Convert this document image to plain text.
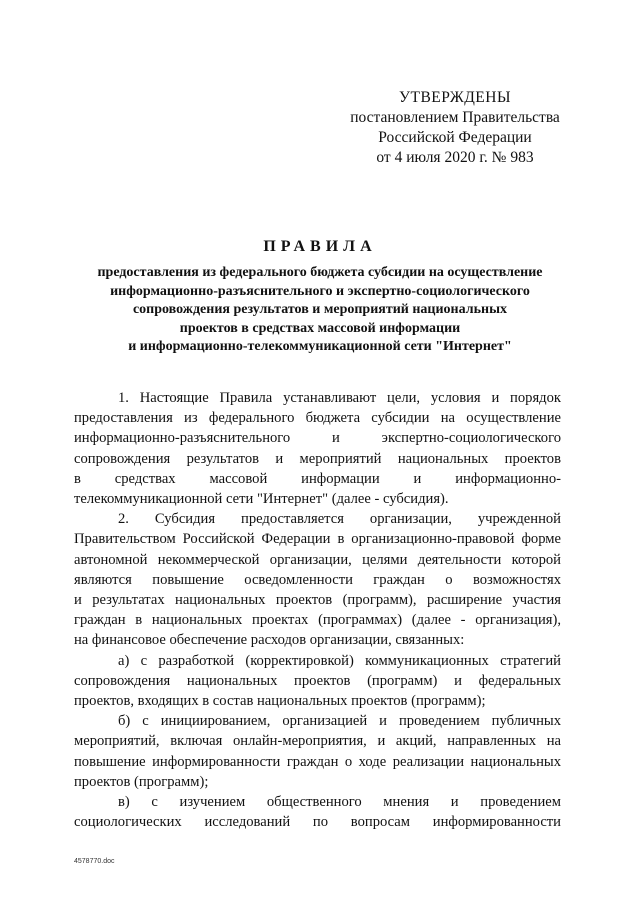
УТВЕРЖДЕНЫ
постановлением Правительства
Российской Федерации
от 4 июля 2020 г. № 983
ПРАВИЛА
предоставления из федерального бюджета субсидии на осуществление
информационно-разъяснительного и экспертно-социологического
сопровождения результатов и мероприятий национальных
проектов в средствах массовой информации
и информационно-телекоммуникационной сети "Интернет"
1. Настоящие Правила устанавливают цели, условия и порядок
предоставления из федерального бюджета субсидии на осуществление
информационно-разъяснительного и экспертно-социологического
сопровождения результатов и мероприятий национальных проектов
в средствах массовой информации и информационно-
телекоммуникационной сети "Интернет" (далее - субсидия).
2. Субсидия предоставляется организации, учрежденной
Правительством Российской Федерации в организационно-правовой форме
автономной некоммерческой организации, целями деятельности которой
являются повышение осведомленности граждан о возможностях
и результатах национальных проектов (программ), расширение участия
граждан в национальных проектах (программах) (далее - организация),
на финансовое обеспечение расходов организации, связанных:
а) с разработкой (корректировкой) коммуникационных стратегий
сопровождения национальных проектов (программ) и федеральных
проектов, входящих в состав национальных проектов (программ);
б) с инициированием, организацией и проведением публичных
мероприятий, включая онлайн-мероприятия, и акций, направленных на
повышение информированности граждан о ходе реализации национальных
проектов (программ);
в) с изучением общественного мнения и проведением
социологических исследований по вопросам информированности
4578770.doc
